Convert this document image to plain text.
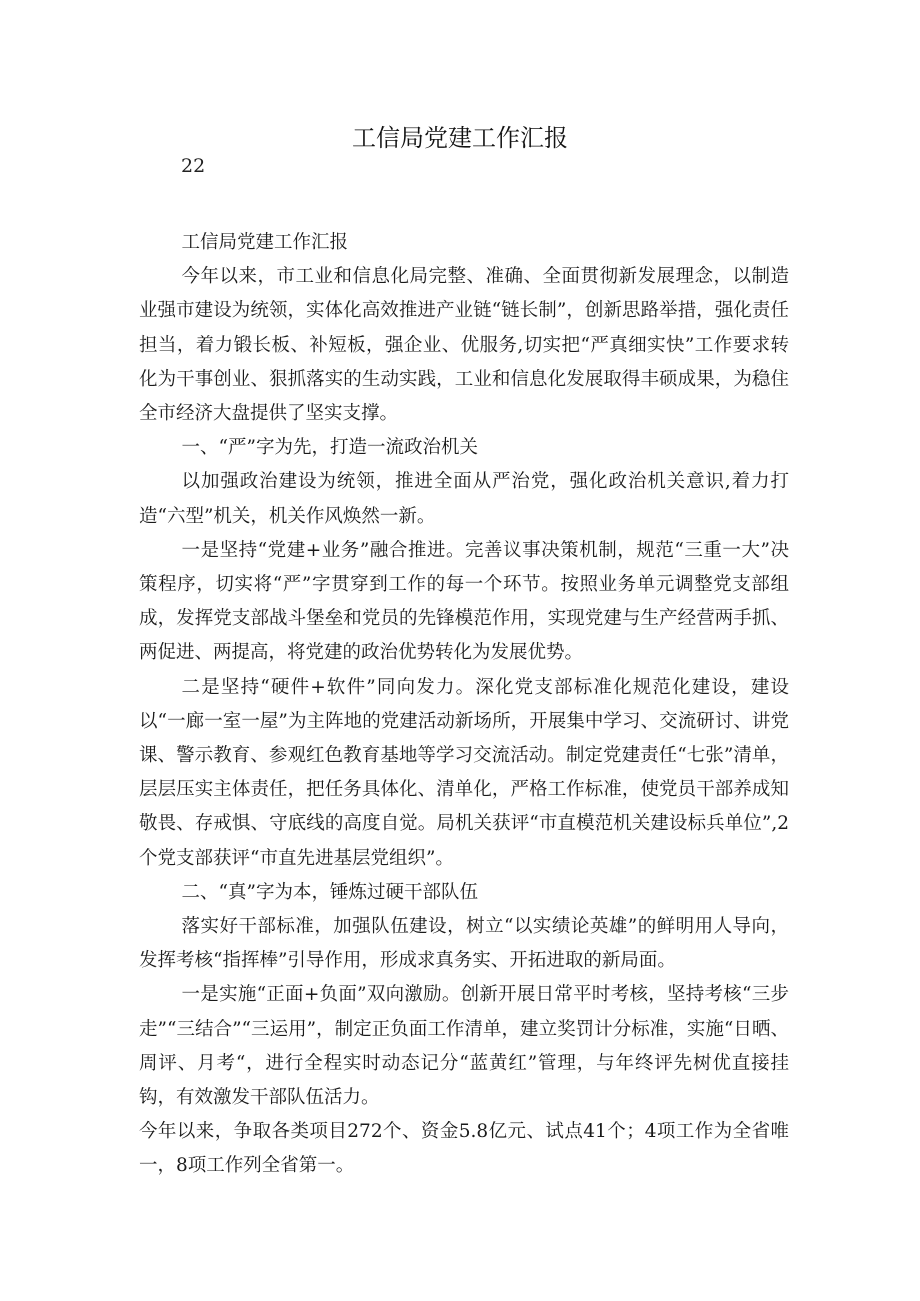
工信局党建工作汇报
22

工信局党建工作汇报

今年以来，市工业和信息化局完整、准确、全面贯彻新发展理念，以制造业强市建设为统领，实体化高效推进产业链“链长制”，创新思路举措，强化责任担当，着力锻长板、补短板，强企业、优服务,切实把“严真细实快”工作要求转化为干事创业、狠抓落实的生动实践，工业和信息化发展取得丰硕成果，为稳住全市经济大盘提供了坚实支撑。

一、“严”字为先，打造一流政治机关

以加强政治建设为统领，推进全面从严治党，强化政治机关意识,着力打造“六型”机关，机关作风焕然一新。

一是坚持“党建+业务”融合推进。完善议事决策机制，规范“三重一大”决策程序，切实将“严”字贯穿到工作的每一个环节。按照业务单元调整党支部组成，发挥党支部战斗堡垒和党员的先锋模范作用，实现党建与生产经营两手抓、两促进、两提高，将党建的政治优势转化为发展优势。

二是坚持“硬件+软件”同向发力。深化党支部标准化规范化建设，建设以“一廊一室一屋”为主阵地的党建活动新场所，开展集中学习、交流研讨、讲党课、警示教育、参观红色教育基地等学习交流活动。制定党建责任“七张”清单，层层压实主体责任，把任务具体化、清单化，严格工作标准，使党员干部养成知敬畏、存戒惧、守底线的高度自觉。局机关获评“市直模范机关建设标兵单位”,2个党支部获评“市直先进基层党组织”。

二、“真”字为本，锤炼过硬干部队伍

落实好干部标准，加强队伍建设，树立“以实绩论英雄”的鲜明用人导向，发挥考核“指挥棒”引导作用，形成求真务实、开拓进取的新局面。

一是实施“正面+负面”双向激励。创新开展日常平时考核，坚持考核“三步走”“三结合”“三运用”，制定正负面工作清单，建立奖罚计分标准，实施“日晒、周评、月考“，进行全程实时动态记分“蓝黄红”管理，与年终评先树优直接挂钩，有效激发干部队伍活力。

今年以来，争取各类项目272个、资金5.8亿元、试点41个；4项工作为全省唯一，8项工作列全省第一。
